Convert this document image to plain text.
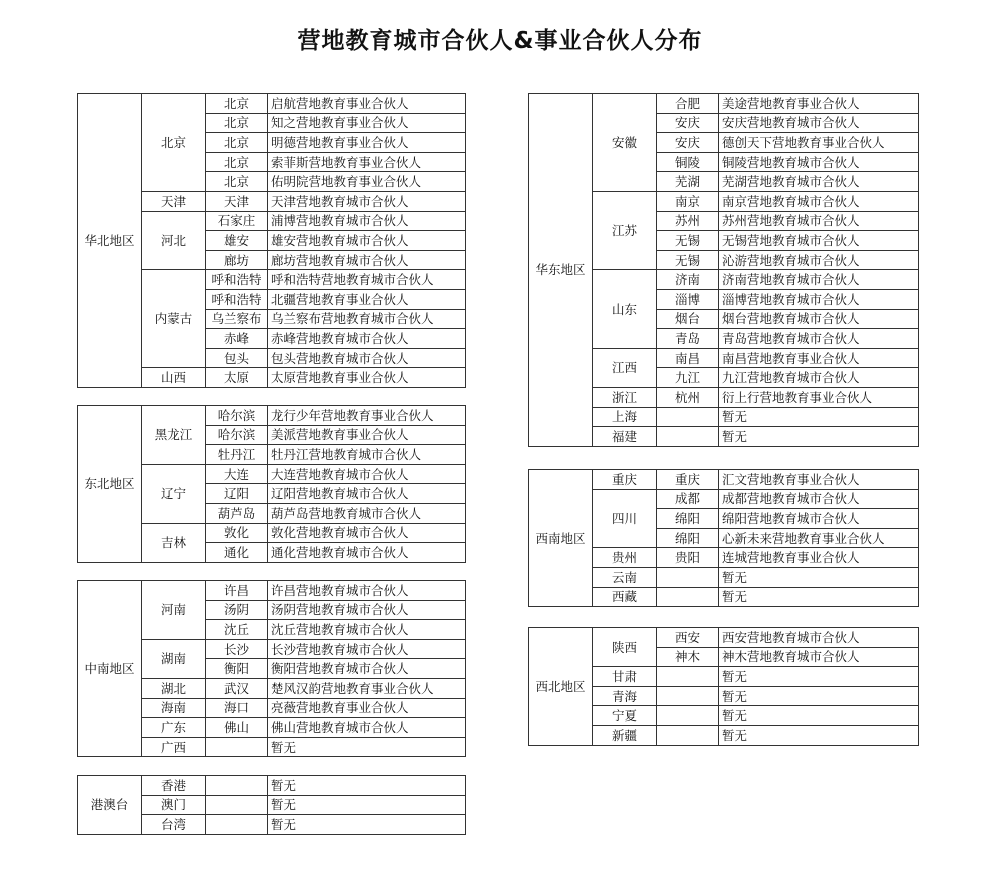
营地教育城市合伙人&事业合伙人分布
华北地区	北京	北京	启航营地教育事业合伙人
		北京	知之营地教育事业合伙人
		北京	明德营地教育事业合伙人
		北京	索菲斯营地教育事业合伙人
		北京	佑明院营地教育事业合伙人
	天津	天津	天津营地教育城市合伙人
	河北	石家庄	浦博营地教育城市合伙人
		雄安	雄安营地教育城市合伙人
		廊坊	廊坊营地教育城市合伙人
	内蒙古	呼和浩特	呼和浩特营地教育城市合伙人
		呼和浩特	北疆营地教育事业合伙人
		乌兰察布	乌兰察布营地教育城市合伙人
		赤峰	赤峰营地教育城市合伙人
		包头	包头营地教育城市合伙人
	山西	太原	太原营地教育事业合伙人
东北地区	黑龙江	哈尔滨	龙行少年营地教育事业合伙人
		哈尔滨	美派营地教育事业合伙人
		牡丹江	牡丹江营地教育城市合伙人
	辽宁	大连	大连营地教育城市合伙人
		辽阳	辽阳营地教育城市合伙人
		葫芦岛	葫芦岛营地教育城市合伙人
	吉林	敦化	敦化营地教育城市合伙人
		通化	通化营地教育城市合伙人
中南地区	河南	许昌	许昌营地教育城市合伙人
		汤阴	汤阴营地教育城市合伙人
		沈丘	沈丘营地教育城市合伙人
	湖南	长沙	长沙营地教育城市合伙人
		衡阳	衡阳营地教育城市合伙人
	湖北	武汉	楚风汉韵营地教育事业合伙人
	海南	海口	亮薇营地教育事业合伙人
	广东	佛山	佛山营地教育城市合伙人
	广西		暂无
港澳台	香港		暂无
	澳门		暂无
	台湾		暂无
华东地区	安徽	合肥	美途营地教育事业合伙人
		安庆	安庆营地教育城市合伙人
		安庆	德创天下营地教育事业合伙人
		铜陵	铜陵营地教育城市合伙人
		芜湖	芜湖营地教育城市合伙人
	江苏	南京	南京营地教育城市合伙人
		苏州	苏州营地教育城市合伙人
		无锡	无锡营地教育城市合伙人
		无锡	沁游营地教育城市合伙人
	山东	济南	济南营地教育城市合伙人
		淄博	淄博营地教育城市合伙人
		烟台	烟台营地教育城市合伙人
		青岛	青岛营地教育城市合伙人
	江西	南昌	南昌营地教育事业合伙人
		九江	九江营地教育城市合伙人
	浙江	杭州	衍上行营地教育事业合伙人
	上海		暂无
	福建		暂无
西南地区	重庆	重庆	汇文营地教育事业合伙人
	四川	成都	成都营地教育城市合伙人
		绵阳	绵阳营地教育城市合伙人
		绵阳	心新未来营地教育事业合伙人
	贵州	贵阳	连城营地教育事业合伙人
	云南		暂无
	西藏		暂无
西北地区	陕西	西安	西安营地教育城市合伙人
		神木	神木营地教育城市合伙人
	甘肃		暂无
	青海		暂无
	宁夏		暂无
	新疆		暂无
